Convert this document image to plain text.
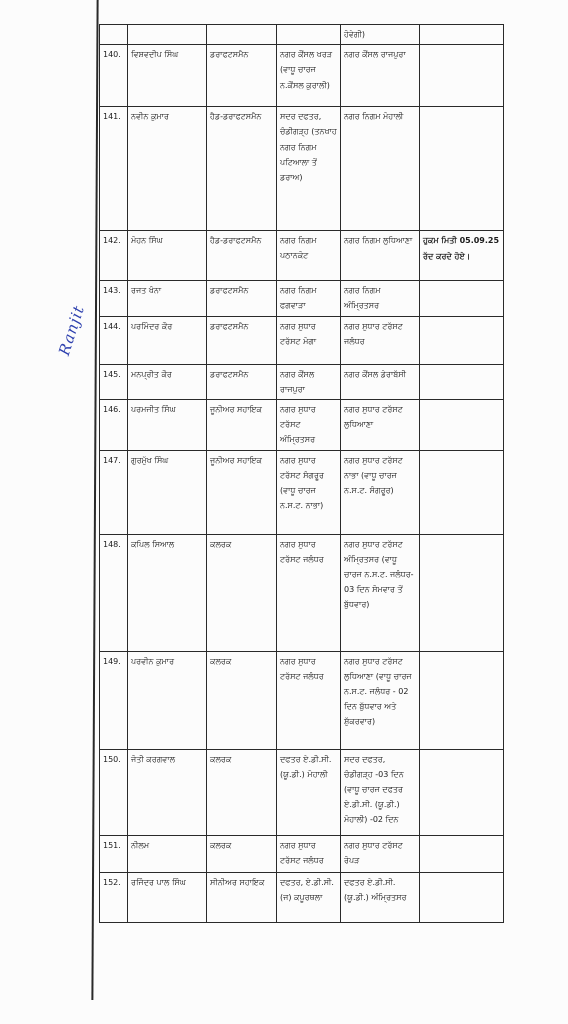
				ਹੋਵੇਗੀ)	
140.	ਵਿਸ਼ਵਦੀਪ ਸਿੰਘ	ਡਰਾਫਟਸਮੈਨ	ਨਗਰ ਕੌਂਸਲ ਖਰੜ (ਵਾਧੂ ਚਾਰਜ ਨ.ਕੌਂਸਲ ਕੁਰਾਲੀ)	ਨਗਰ ਕੌਂਸਲ ਰਾਜਪੁਰਾ	
141.	ਨਵੀਨ ਕੁਮਾਰ	ਹੈਡ-ਡਰਾਫਟਸਮੈਨ	ਸਦਰ ਦਫਤਰ, ਚੰਡੀਗੜ੍ਹ (ਤਨਖਾਹ ਨਗਰ ਨਿਗਮ ਪਟਿਆਲਾ ਤੋਂ ਡਰਾਅ)	ਨਗਰ ਨਿਗਮ ਮੋਹਾਲੀ	
142.	ਮੋਹਨ ਸਿੰਘ	ਹੈਡ-ਡਰਾਫਟਸਮੈਨ	ਨਗਰ ਨਿਗਮ ਪਠਾਨਕੋਟ	ਨਗਰ ਨਿਗਮ ਲੁਧਿਆਣਾ	ਹੁਕਮ ਮਿਤੀ 05.09.25 ਰੱਦ ਕਰਦੇ ਹੋਏ।
143.	ਰਜਤ ਖੰਨਾ	ਡਰਾਫਟਸਮੈਨ	ਨਗਰ ਨਿਗਮ ਫਗਵਾੜਾ	ਨਗਰ ਨਿਗਮ ਅੰਮ੍ਰਿਤਸਰ	
144.	ਪਰਮਿੰਦਰ ਕੌਰ	ਡਰਾਫਟਸਮੈਨ	ਨਗਰ ਸੁਧਾਰ ਟਰੱਸਟ ਮੋਗਾ	ਨਗਰ ਸੁਧਾਰ ਟਰੱਸਟ ਜਲੰਧਰ	
145.	ਮਨਪ੍ਰੀਤ ਕੌਰ	ਡਰਾਫਟਸਮੈਨ	ਨਗਰ ਕੌਂਸਲ ਰਾਜਪੁਰਾ	ਨਗਰ ਕੌਂਸਲ ਡੇਰਾਬੱਸੀ	
146.	ਪਰਮਜੀਤ ਸਿੰਘ	ਜੂਨੀਅਰ ਸਹਾਇਕ	ਨਗਰ ਸੁਧਾਰ ਟਰੱਸਟ ਅੰਮ੍ਰਿਤਸਰ	ਨਗਰ ਸੁਧਾਰ ਟਰੱਸਟ ਲੁਧਿਆਣਾ	
147.	ਗੁਰਮੁੱਖ ਸਿੰਘ	ਜੂਨੀਅਰ ਸਹਾਇਕ	ਨਗਰ ਸੁਧਾਰ ਟਰੱਸਟ ਸੰਗਰੂਰ (ਵਾਧੂ ਚਾਰਜ ਨ.ਸ.ਟ. ਨਾਭਾ)	ਨਗਰ ਸੁਧਾਰ ਟਰੱਸਟ ਨਾਭਾ (ਵਾਧੂ ਚਾਰਜ ਨ.ਸ.ਟ. ਸੰਗਰੂਰ)	
148.	ਕਪਿਲ ਸਿਆਲ	ਕਲਰਕ	ਨਗਰ ਸੁਧਾਰ ਟਰੱਸਟ ਜਲੰਧਰ	ਨਗਰ ਸੁਧਾਰ ਟਰੱਸਟ ਅੰਮ੍ਰਿਤਸਰ (ਵਾਧੂ ਚਾਰਜ ਨ.ਸ.ਟ. ਜਲੰਧਰ- 03 ਦਿਨ ਸੋਮਵਾਰ ਤੋਂ ਬੁੱਧਵਾਰ)	
149.	ਪਰਵੀਨ ਕੁਮਾਰ	ਕਲਰਕ	ਨਗਰ ਸੁਧਾਰ ਟਰੱਸਟ ਜਲੰਧਰ	ਨਗਰ ਸੁਧਾਰ ਟਰੱਸਟ ਲੁਧਿਆਣਾ (ਵਾਧੂ ਚਾਰਜ ਨ.ਸ.ਟ. ਜਲੰਧਰ - 02 ਦਿਨ ਬੁੱਧਵਾਰ ਅਤੇ ਸ਼ੁੱਕਰਵਾਰ)	
150.	ਜੋਤੀ ਕਰਗਵਾਲ	ਕਲਰਕ	ਦਫਤਰ ਏ.ਡੀ.ਸੀ. (ਯੂ.ਡੀ.) ਮੋਹਾਲੀ	ਸਦਰ ਦਫਤਰ, ਚੰਡੀਗੜ੍ਹ -03 ਦਿਨ (ਵਾਧੂ ਚਾਰਜ ਦਫਤਰ ਏ.ਡੀ.ਸੀ. (ਯੂ.ਡੀ.) ਮੋਹਾਲੀ) -02 ਦਿਨ	
151.	ਨੀਲਮ	ਕਲਰਕ	ਨਗਰ ਸੁਧਾਰ ਟਰੱਸਟ ਜਲੰਧਰ	ਨਗਰ ਸੁਧਾਰ ਟਰੱਸਟ ਰੋਪੜ	
152.	ਰਜਿੰਦਰ ਪਾਲ ਸਿੰਘ	ਸੀਨੀਅਰ ਸਹਾਇਕ	ਦਫਤਰ, ਏ.ਡੀ.ਸੀ. (ਜ) ਕਪੂਰਥਲਾ	ਦਫਤਰ ਏ.ਡੀ.ਸੀ. (ਯੂ.ਡੀ.) ਅੰਮ੍ਰਿਤਸਰ	
Ranjit
